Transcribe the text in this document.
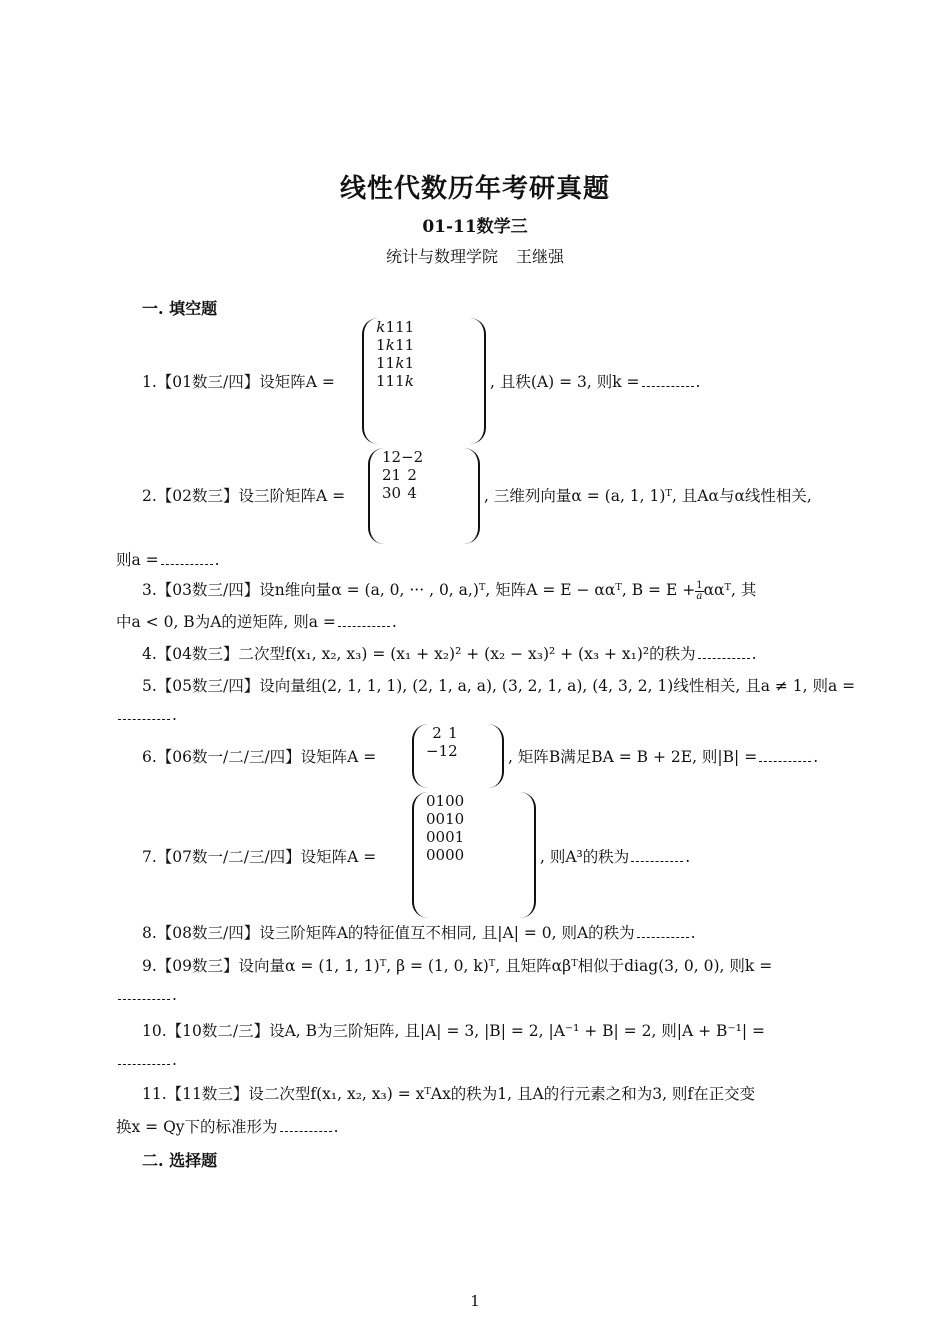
线性代数历年考研真题
01-11数学三
统计与数理学院 王继强
一. 填空题
1.【01数三/四】设矩阵A =
k	1	1	1
1	k	1	1
1	1	k	1
1	1	1	k	, 且秩(A) = 3, 则k =	.
2.【02数三】设三阶矩阵A =
1	2	−2
2	1	2
3	0	4	, 三维列向量α = (a, 1, 1)ᵀ, 且Aα与α线性相关,
则a =	.
3.【03数三/四】设n维向量α = (a, 0, ··· , 0, a,)ᵀ, 矩阵A = E − ααᵀ, $B = E + \frac{1}{a}$ ααᵀ, 其
中a < 0, B为A的逆矩阵, 则a =	.
4.【04数三】二次型f(x₁, x₂, x₃) = (x₁ + x₂)² + (x₂ − x₃)² + (x₃ + x₁)²的秩为	.
5.【05数三/四】设向量组(2, 1, 1, 1), (2, 1, a, a), (3, 2, 1, a), (4, 3, 2, 1)线性相关, 且a ≠ 1, 则a =
.
6.【06数一/二/三/四】设矩阵A =
2	1
−1	2	, 矩阵B满足BA = B + 2E, 则|B| =	.
7.【07数一/二/三/四】设矩阵A =
0	1	0	0
0	0	1	0
0	0	0	1
0	0	0	0	, 则A³的秩为	.
8.【08数三/四】设三阶矩阵A的特征值互不相同, 且|A| = 0, 则A的秩为	.
9.【09数三】设向量α = (1, 1, 1)ᵀ, β = (1, 0, k)ᵀ, 且矩阵αβᵀ相似于diag(3, 0, 0), 则k =
.
10.【10数二/三】设A, B为三阶矩阵, 且|A| = 3, |B| = 2, |A⁻¹ + B| = 2, 则|A + B⁻¹| =
.
11.【11数三】设二次型f(x₁, x₂, x₃) = xᵀAx的秩为1, 且A的行元素之和为3, 则f在正交变
换x = Qy下的标准形为	.
二. 选择题
1
